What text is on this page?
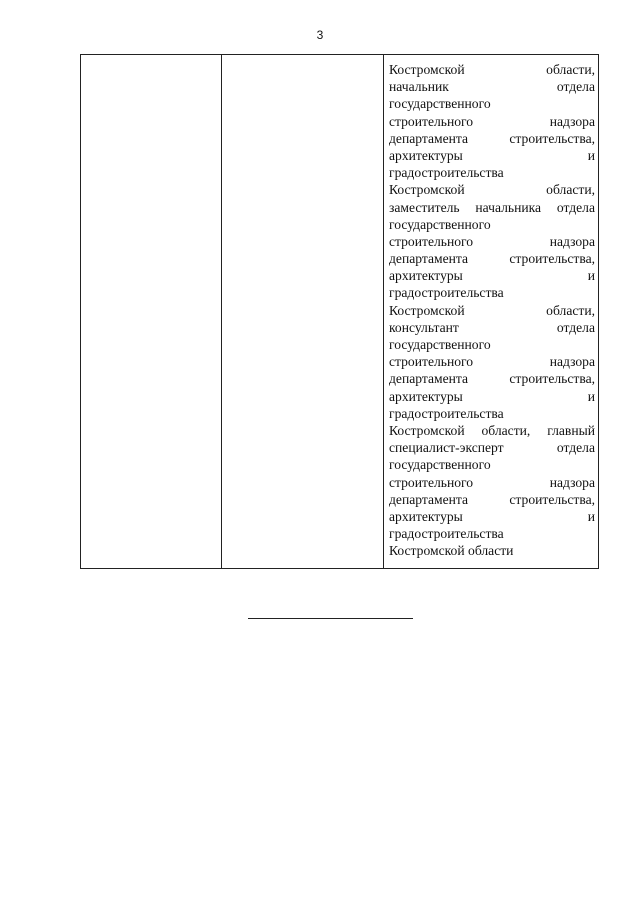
3
Костромской области,
начальник отдела
государственного
строительного надзора
департамента строительства,
архитектуры и
градостроительства
Костромской области,
заместитель начальника отдела
государственного
строительного надзора
департамента строительства,
архитектуры и
градостроительства
Костромской области,
консультант отдела
государственного
строительного надзора
департамента строительства,
архитектуры и
градостроительства
Костромской области, главный
специалист-эксперт отдела
государственного
строительного надзора
департамента строительства,
архитектуры и
градостроительства
Костромской области
